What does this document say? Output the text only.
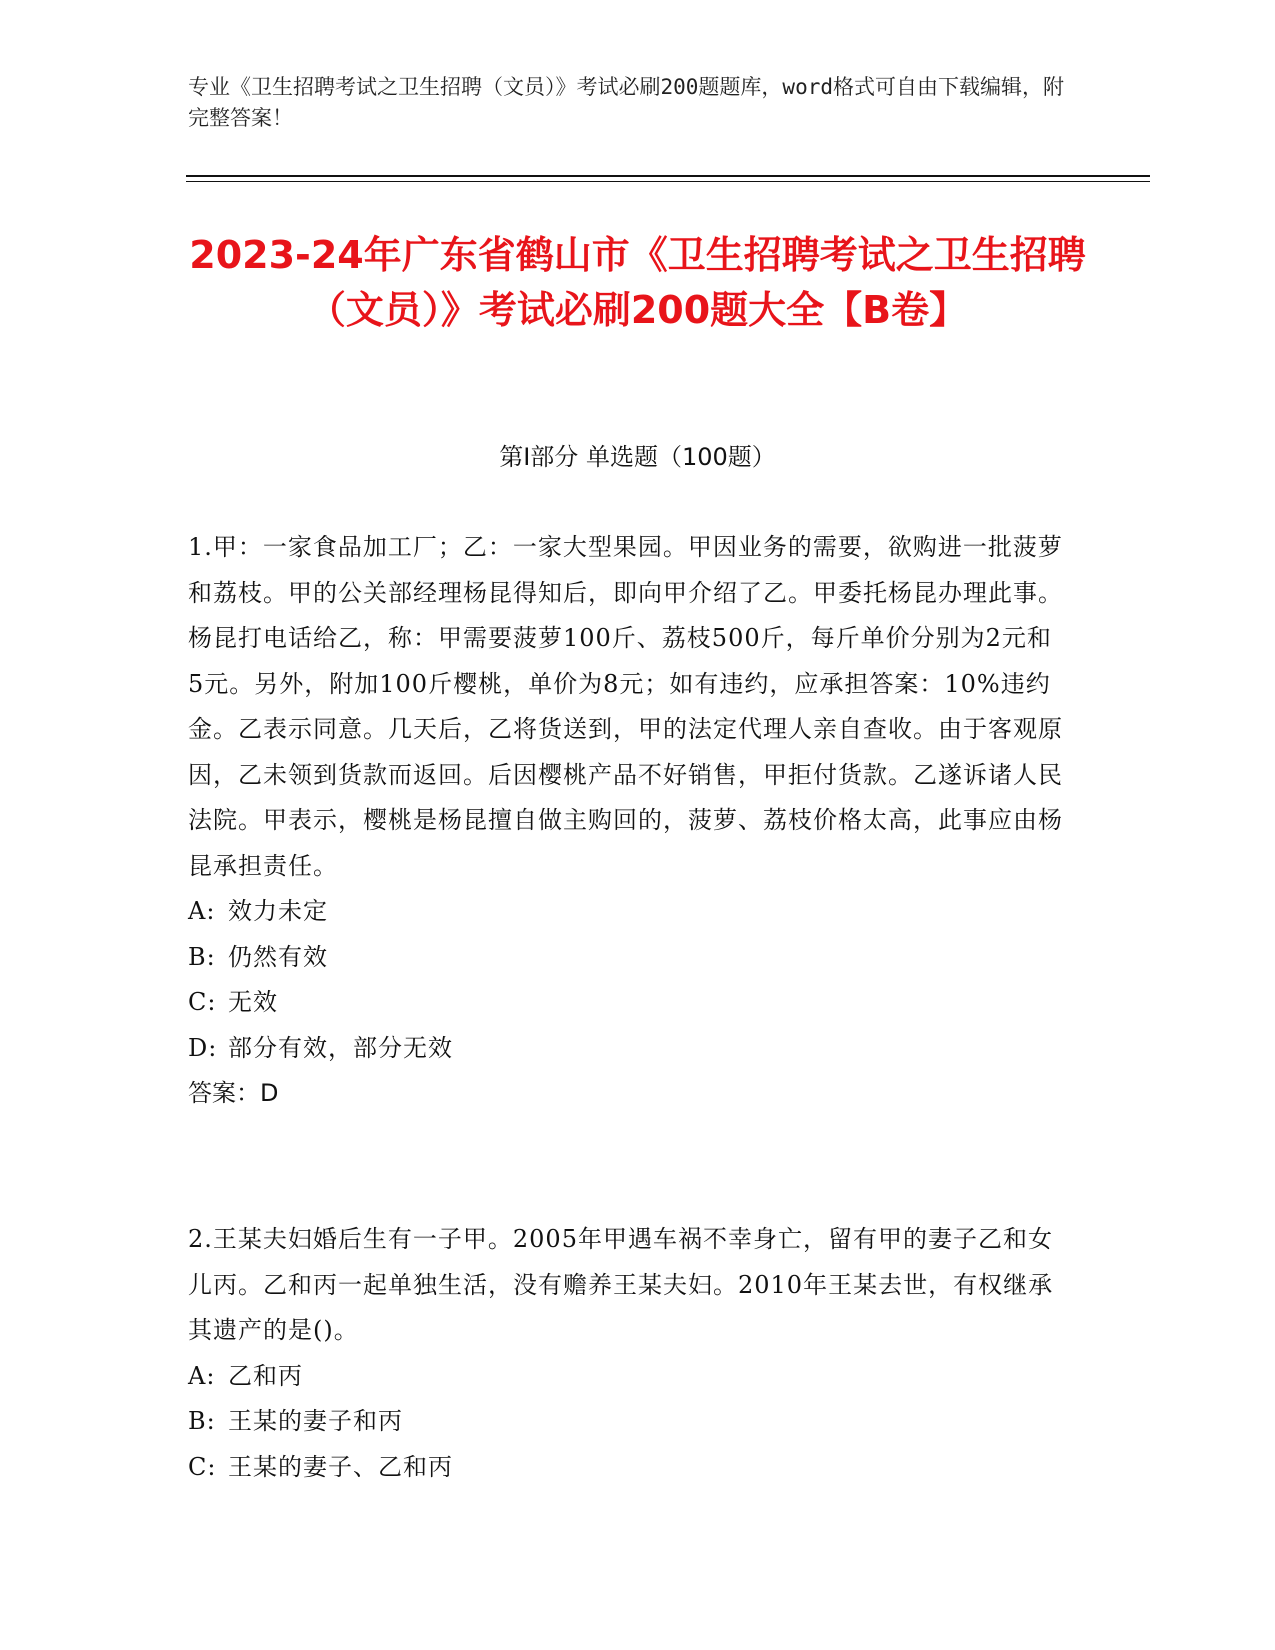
专业《卫生招聘考试之卫生招聘（文员）》考试必刷200题题库，word格式可自由下载编辑，附完整答案！
2023-24年广东省鹤山市《卫生招聘考试之卫生招聘（文员）》考试必刷200题大全【B卷】
第Ⅰ部分 单选题（100题）
1.甲：一家食品加工厂；乙：一家大型果园。甲因业务的需要，欲购进一批菠萝和荔枝。甲的公关部经理杨昆得知后，即向甲介绍了乙。甲委托杨昆办理此事。杨昆打电话给乙，称：甲需要菠萝100斤、荔枝500斤，每斤单价分别为2元和5元。另外，附加100斤樱桃，单价为8元；如有违约，应承担答案：10%违约金。乙表示同意。几天后，乙将货送到，甲的法定代理人亲自查收。由于客观原因，乙未领到货款而返回。后因樱桃产品不好销售，甲拒付货款。乙遂诉诸人民法院。甲表示，樱桃是杨昆擅自做主购回的，菠萝、荔枝价格太高，此事应由杨昆承担责任。
A: 效力未定
B: 仍然有效
C: 无效
D: 部分有效，部分无效
答案：D
2.王某夫妇婚后生有一子甲。2005年甲遇车祸不幸身亡，留有甲的妻子乙和女儿丙。乙和丙一起单独生活，没有赡养王某夫妇。2010年王某去世，有权继承其遗产的是()。
A: 乙和丙
B: 王某的妻子和丙
C: 王某的妻子、乙和丙
